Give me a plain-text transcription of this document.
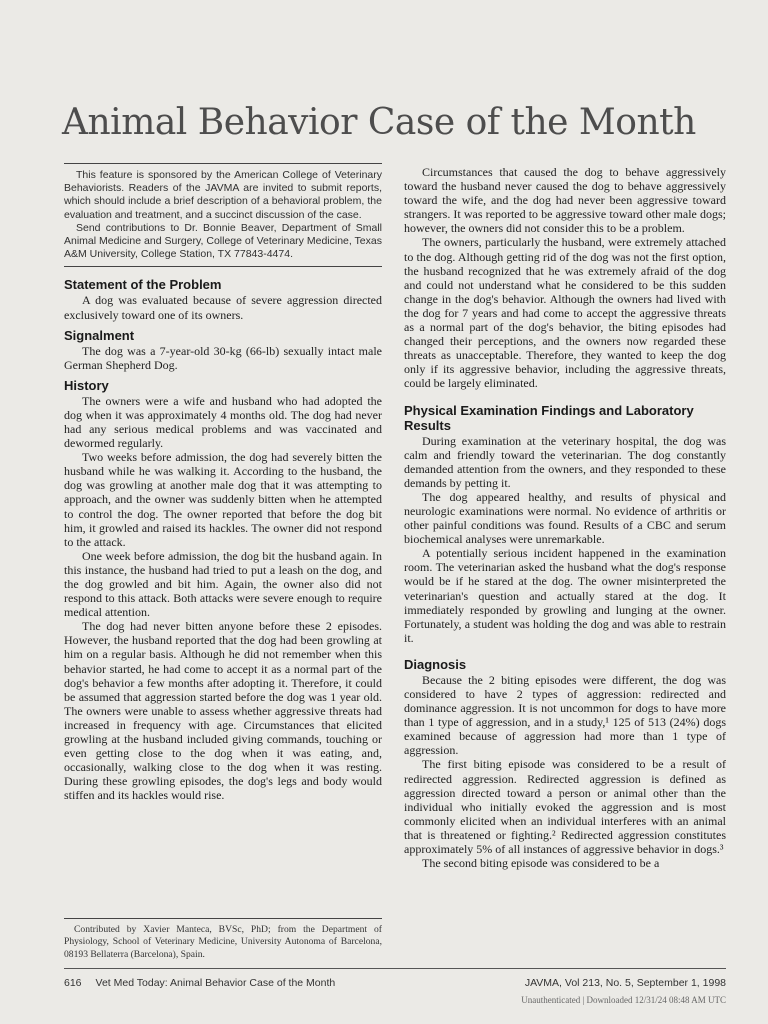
Animal Behavior Case of the Month

This feature is sponsored by the American College of Veterinary Behaviorists. Readers of the JAVMA are invited to submit reports, which should include a brief description of a behavioral problem, the evaluation and treatment, and a succinct discussion of the case.

Send contributions to Dr. Bonnie Beaver, Department of Small Animal Medicine and Surgery, College of Veterinary Medicine, Texas A&M University, College Station, TX 77843-4474.

Statement of the Problem

A dog was evaluated because of severe aggression directed exclusively toward one of its owners.

Signalment

The dog was a 7-year-old 30-kg (66-lb) sexually intact male German Shepherd Dog.

History

The owners were a wife and husband who had adopted the dog when it was approximately 4 months old. The dog had never had any serious medical problems and was vaccinated and dewormed regularly.

Two weeks before admission, the dog had severely bitten the husband while he was walking it. According to the husband, the dog was growling at another male dog that it was attempting to approach, and the owner was suddenly bitten when he attempted to control the dog. The owner reported that before the dog bit him, it growled and raised its hackles. The owner did not respond to the attack.

One week before admission, the dog bit the husband again. In this instance, the husband had tried to put a leash on the dog, and the dog growled and bit him. Again, the owner also did not respond to this attack. Both attacks were severe enough to require medical attention.

The dog had never bitten anyone before these 2 episodes. However, the husband reported that the dog had been growling at him on a regular basis. Although he did not remember when this behavior started, he had come to accept it as a normal part of the dog's behavior a few months after adopting it. Therefore, it could be assumed that aggression started before the dog was 1 year old. The owners were unable to assess whether aggressive threats had increased in frequency with age. Circumstances that elicited growling at the husband included giving commands, touching or even getting close to the dog when it was eating, and, occasionally, walking close to the dog when it was resting. During these growling episodes, the dog's legs and body would stiffen and its hackles would rise.

Circumstances that caused the dog to behave aggressively toward the husband never caused the dog to behave aggressively toward the wife, and the dog had never been aggressive toward strangers. It was reported to be aggressive toward other male dogs; however, the owners did not consider this to be a problem.

The owners, particularly the husband, were extremely attached to the dog. Although getting rid of the dog was not the first option, the husband recognized that he was extremely afraid of the dog and could not understand what he considered to be this sudden change in the dog's behavior. Although the owners had lived with the dog for 7 years and had come to accept the aggressive threats as a normal part of the dog's behavior, the biting episodes had changed their perceptions, and the owners now regarded these threats as unacceptable. Therefore, they wanted to keep the dog only if its aggressive behavior, including the aggressive threats, could be largely eliminated.

Physical Examination Findings and Laboratory Results

During examination at the veterinary hospital, the dog was calm and friendly toward the veterinarian. The dog constantly demanded attention from the owners, and they responded to these demands by petting it.

The dog appeared healthy, and results of physical and neurologic examinations were normal. No evidence of arthritis or other painful conditions was found. Results of a CBC and serum biochemical analyses were unremarkable.

A potentially serious incident happened in the examination room. The veterinarian asked the husband what the dog's response would be if he stared at the dog. The owner misinterpreted the veterinarian's question and actually stared at the dog. It immediately responded by growling and lunging at the owner. Fortunately, a student was holding the dog and was able to restrain it.

Diagnosis

Because the 2 biting episodes were different, the dog was considered to have 2 types of aggression: redirected and dominance aggression. It is not uncommon for dogs to have more than 1 type of aggression, and in a study,¹ 125 of 513 (24%) dogs examined because of aggression had more than 1 type of aggression.

The first biting episode was considered to be a result of redirected aggression. Redirected aggression is defined as aggression directed toward a person or animal other than the individual who initially evoked the aggression and is most commonly elicited when an individual interferes with an animal that is threatened or fighting.² Redirected aggression constitutes approximately 5% of all instances of aggressive behavior in dogs.³

The second biting episode was considered to be a

Contributed by Xavier Manteca, BVSc, PhD; from the Department of Physiology, School of Veterinary Medicine, University Autonoma of Barcelona, 08193 Bellaterra (Barcelona), Spain.

616 Vet Med Today: Animal Behavior Case of the Month	JAVMA, Vol 213, No. 5, September 1, 1998
Unauthenticated | Downloaded 12/31/24 08:48 AM UTC
